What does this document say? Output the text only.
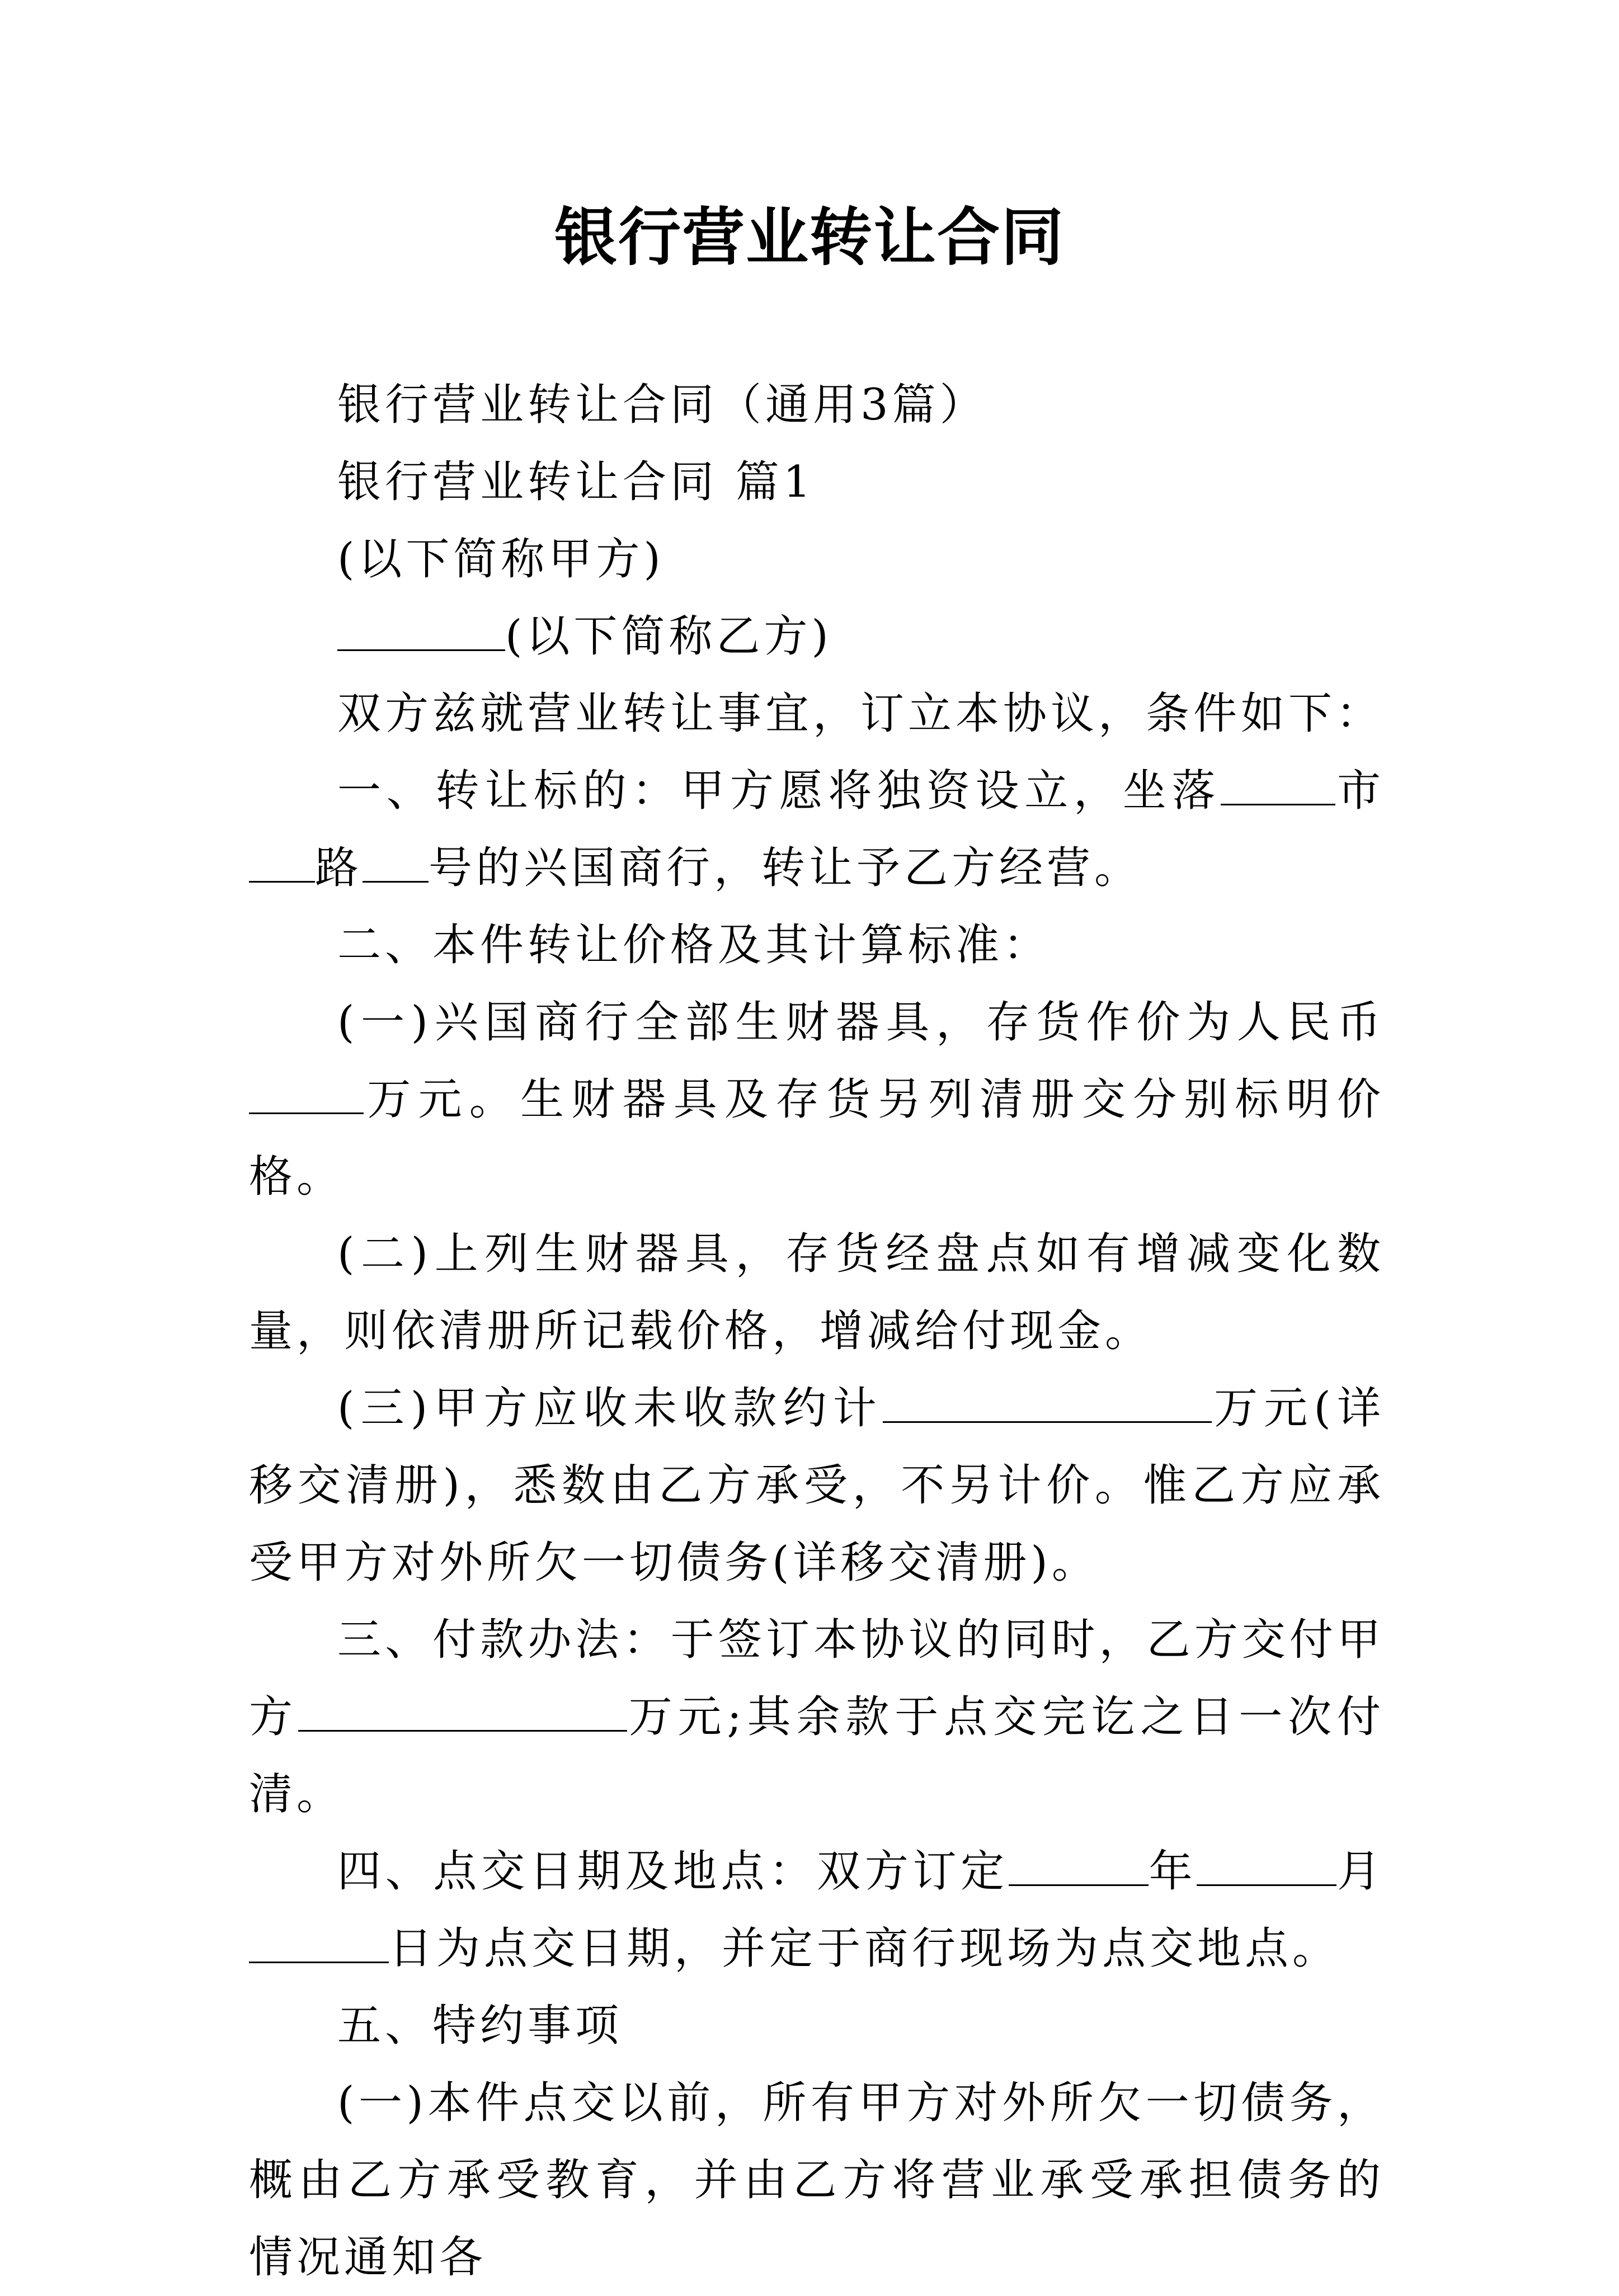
银行营业转让合同

银行营业转让合同（通用3篇）

银行营业转让合同 篇1

(以下简称甲方)

(以下简称乙方)

双方兹就营业转让事宜，订立本协议，条件如下：

一、转让标的：甲方愿将独资设立，坐落	市路 号的兴国商行，转让予乙方经营。

二、本件转让价格及其计算标准：

(一)兴国商行全部生财器具，存货作价为人民币万元。生财器具及存货另列清册交分别标明价格。

(二)上列生财器具，存货经盘点如有增减变化数量，则依清册所记载价格，增减给付现金。

(三)甲方应收未收款约计	万元(详移交清册)，悉数由乙方承受，不另计价。惟乙方应承受甲方对外所欠一切债务(详移交清册)。

三、付款办法：于签订本协议的同时，乙方交付甲方	万元;其余款于点交完讫之日一次付清。

四、点交日期及地点：双方订定	年	月日为点交日期，并定于商行现场为点交地点。

五、特约事项

(一)本件点交以前，所有甲方对外所欠一切债务，概由乙方承受教育，并由乙方将营业承受承担债务的情况通知各
